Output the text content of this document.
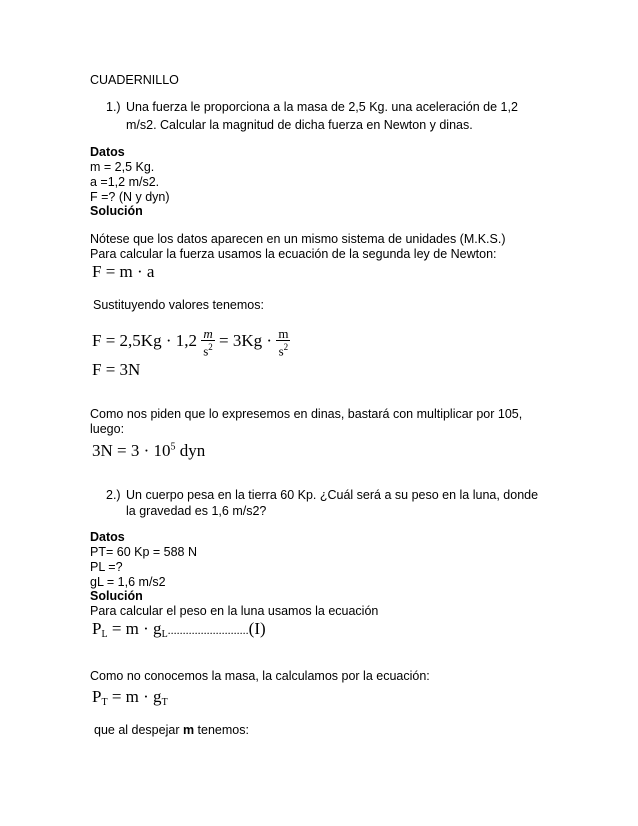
CUADERNILLO
1.) Una fuerza le proporciona a la masa de 2,5 Kg. una aceleración de 1,2
m/s2. Calcular la magnitud de dicha fuerza en Newton y dinas.
Datos
m = 2,5 Kg.
a =1,2 m/s2.
F =? (N y dyn)
Solución
Nótese que los datos aparecen en un mismo sistema de unidades (M.K.S.)
Para calcular la fuerza usamos la ecuación de la segunda ley de Newton:
F = m · a
Sustituyendo valores tenemos:
$F = 2,5Kg \cdot 1,2 \frac{m}{s^2} = 3Kg \cdot \frac{m}{s^2}$
F = 3N
Como nos piden que lo expresemos en dinas, bastará con multiplicar por 105,
luego:
$3N = 3 \cdot 10^5$ dyn
2.) Un cuerpo pesa en la tierra 60 Kp. ¿Cuál será a su peso en la luna, donde
la gravedad es 1,6 m/s2?
Datos
PT= 60 Kp = 588 N
PL =?
gL = 1,6 m/s2
Solución
Para calcular el peso en la luna usamos la ecuación
$P_L = m \cdot g_L...........................(I)$
Como no conocemos la masa, la calculamos por la ecuación:
$P_T = m \cdot g_T$
que al despejar m tenemos:
